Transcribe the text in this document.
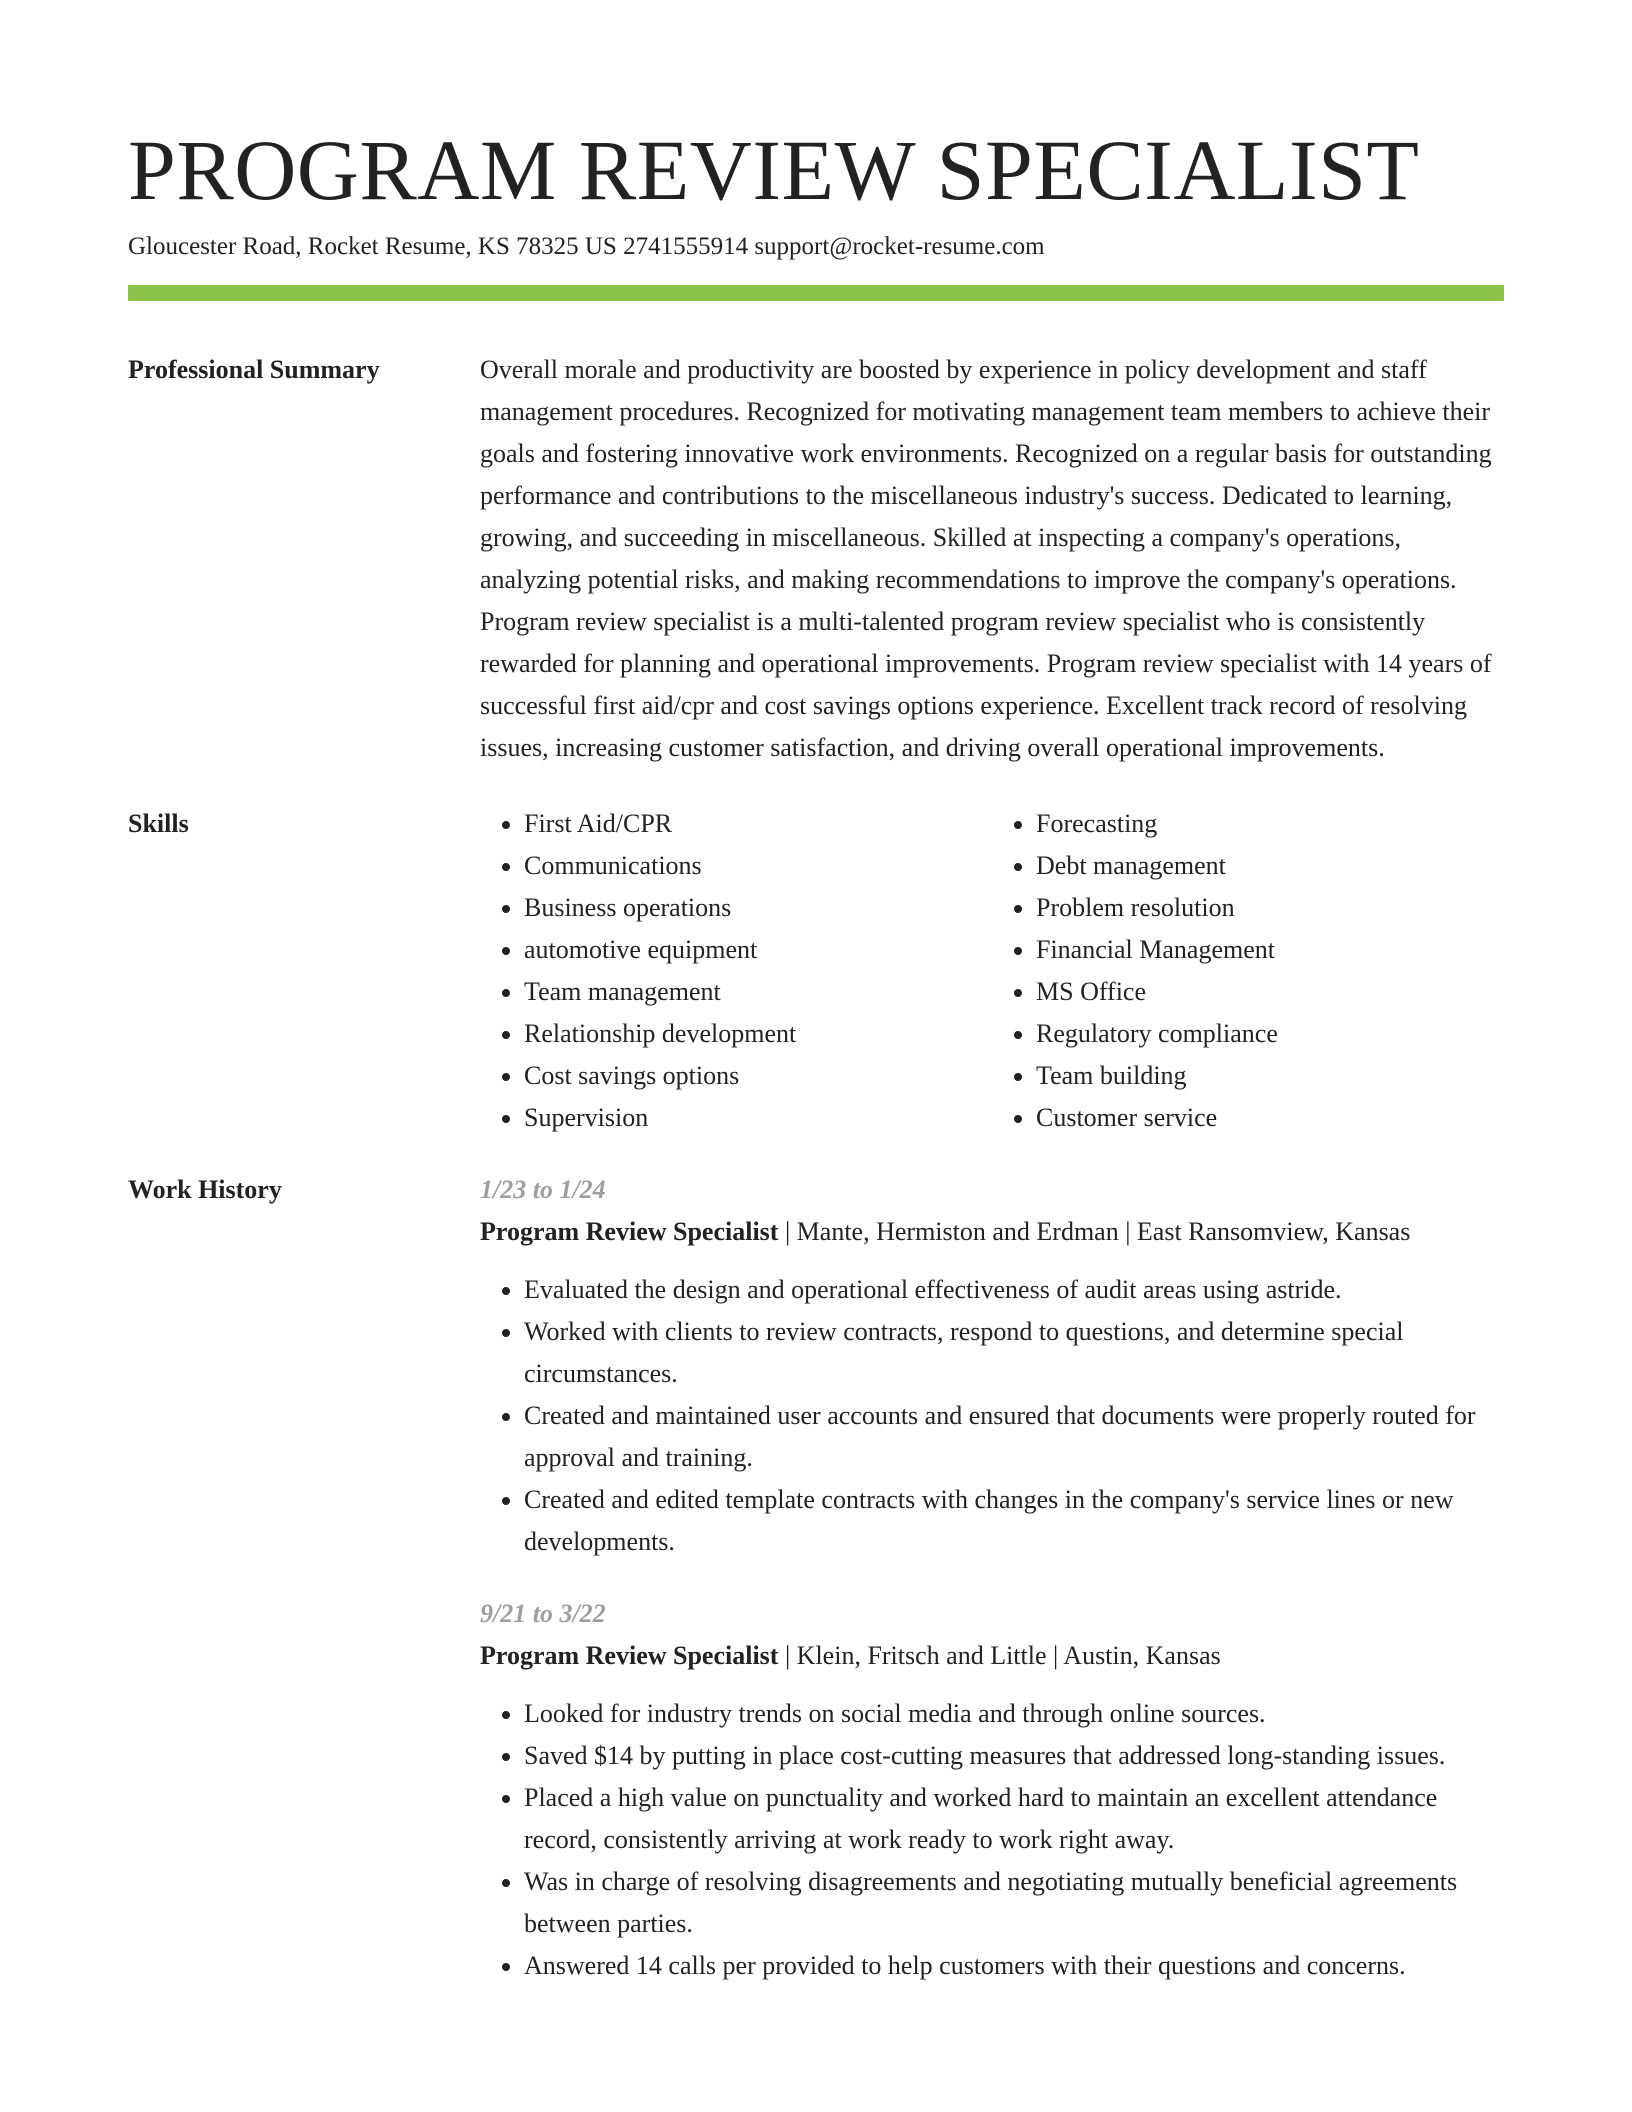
PROGRAM REVIEW SPECIALIST
Gloucester Road, Rocket Resume, KS 78325 US 2741555914 support@rocket-resume.com
Professional Summary	Overall morale and productivity are boosted by experience in policy development and staff management procedures. Recognized for motivating management team members to achieve their goals and fostering innovative work environments. Recognized on a regular basis for outstanding performance and contributions to the miscellaneous industry's success. Dedicated to learning, growing, and succeeding in miscellaneous. Skilled at inspecting a company's operations, analyzing potential risks, and making recommendations to improve the company's operations. Program review specialist is a multi-talented program review specialist who is consistently rewarded for planning and operational improvements. Program review specialist with 14 years of successful first aid/cpr and cost savings options experience. Excellent track record of resolving issues, increasing customer satisfaction, and driving overall operational improvements.
Skills
•	First Aid/CPR
• Communications
• Business operations
• automotive equipment
• Team management
• Relationship development
• Cost savings options
• Supervision
• Forecasting
• Debt management
• Problem resolution
• Financial Management
• MS Office
• Regulatory compliance
• Team building
• Customer service
Work History	1/23 to 1/24
Program Review Specialist | Mante, Hermiston and Erdman | East Ransomview, Kansas
• Evaluated the design and operational effectiveness of audit areas using astride.
• Worked with clients to review contracts, respond to questions, and determine special circumstances.
• Created and maintained user accounts and ensured that documents were properly routed for approval and training.
• Created and edited template contracts with changes in the company's service lines or new developments.
9/21 to 3/22
Program Review Specialist | Klein, Fritsch and Little | Austin, Kansas
• Looked for industry trends on social media and through online sources.
• Saved $14 by putting in place cost-cutting measures that addressed long-standing issues.
• Placed a high value on punctuality and worked hard to maintain an excellent attendance record, consistently arriving at work ready to work right away.
• Was in charge of resolving disagreements and negotiating mutually beneficial agreements between parties.
• Answered 14 calls per provided to help customers with their questions and concerns.
